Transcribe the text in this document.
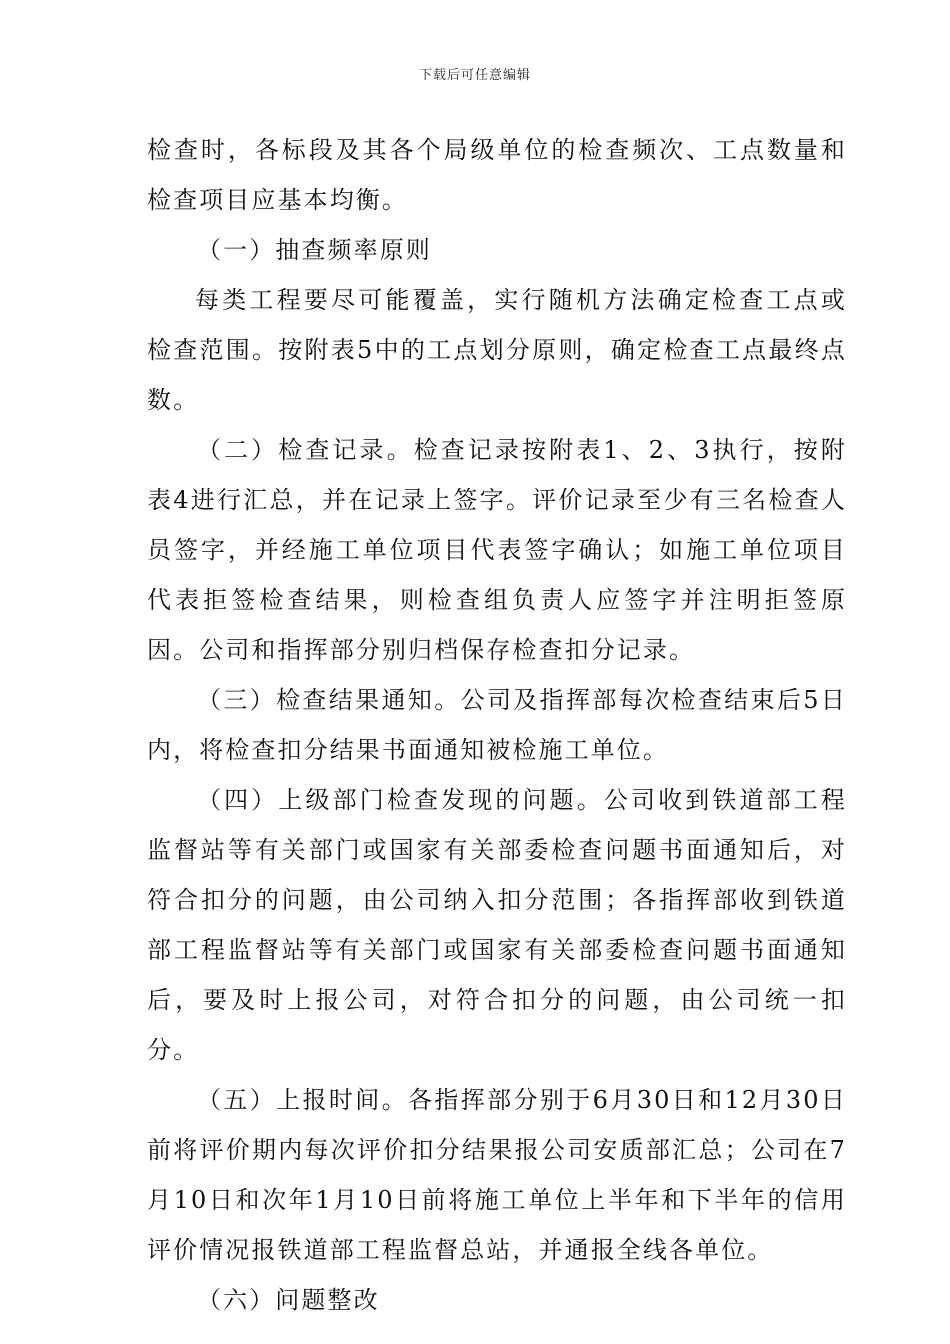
下载后可任意编辑

检查时，各标段及其各个局级单位的检查频次、工点数量和检查项目应基本均衡。

（一）抽查频率原则

每类工程要尽可能覆盖，实行随机方法确定检查工点或检查范围。按附表5中的工点划分原则，确定检查工点最终点数。

（二）检查记录。检查记录按附表1、2、3执行，按附表4进行汇总，并在记录上签字。评价记录至少有三名检查人员签字，并经施工单位项目代表签字确认；如施工单位项目代表拒签检查结果，则检查组负责人应签字并注明拒签原因。公司和指挥部分别归档保存检查扣分记录。

（三）检查结果通知。公司及指挥部每次检查结束后5日内，将检查扣分结果书面通知被检施工单位。

（四）上级部门检查发现的问题。公司收到铁道部工程监督站等有关部门或国家有关部委检查问题书面通知后，对符合扣分的问题，由公司纳入扣分范围；各指挥部收到铁道部工程监督站等有关部门或国家有关部委检查问题书面通知后，要及时上报公司，对符合扣分的问题，由公司统一扣分。

（五）上报时间。各指挥部分别于6月30日和12月30日前将评价期内每次评价扣分结果报公司安质部汇总；公司在7月10日和次年1月10日前将施工单位上半年和下半年的信用评价情况报铁道部工程监督总站，并通报全线各单位。

（六）问题整改
